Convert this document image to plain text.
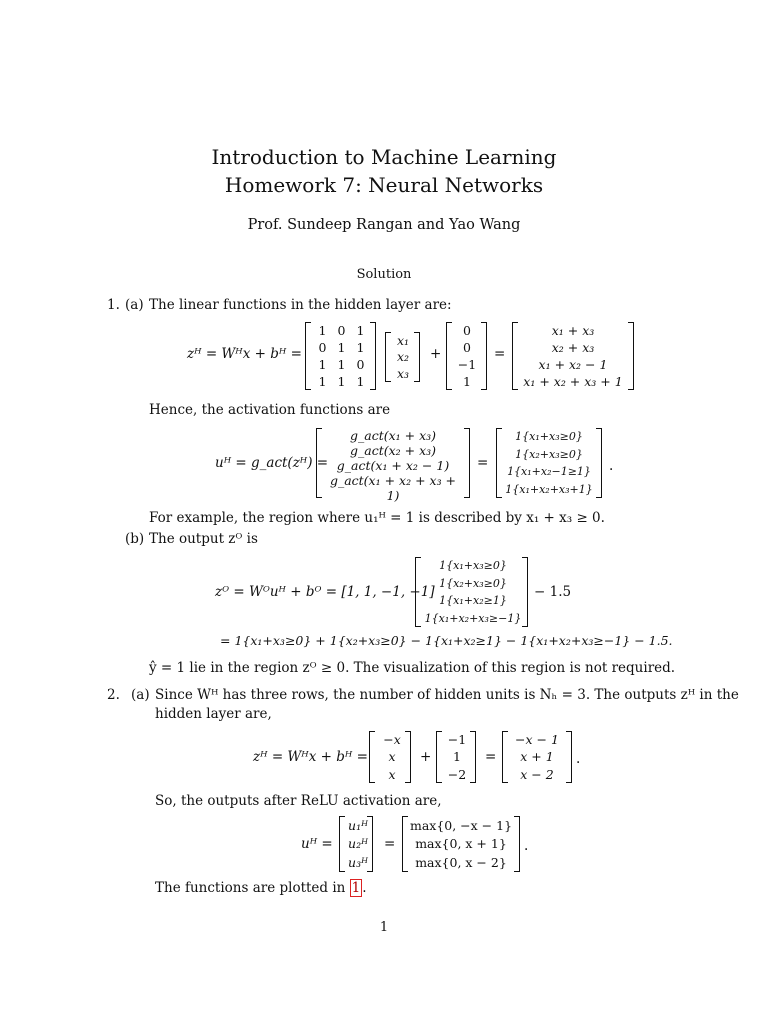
Introduction to Machine Learning
Homework 7: Neural Networks
Prof. Sundeep Rangan and Yao Wang
Solution
1. (a) The linear functions in the hidden layer are:
zᴴ = Wᴴx + bᴴ =
1 0 1
0 1 1
1 1 0
1 1 1
x₁
x₂
x₃
+
0
0
−1
1
=
x₁ + x₃
x₂ + x₃
x₁ + x₂ − 1
x₁ + x₂ + x₃ + 1
Hence, the activation functions are
uᴴ = g_act(zᴴ) =
g_act(x₁ + x₃)
g_act(x₂ + x₃)
g_act(x₁ + x₂ − 1)
g_act(x₁ + x₂ + x₃ + 1)
=
1{x₁+x₃≥0}
1{x₂+x₃≥0}
1{x₁+x₂−1≥1}
1{x₁+x₂+x₃+1}
.
For example, the region where u₁ᴴ = 1 is described by x₁ + x₃ ≥ 0.
(b) The output zᴼ is
zᴼ = Wᴼuᴴ + bᴼ = [1, 1, −1, −1]
1{x₁+x₃≥0}
1{x₂+x₃≥0}
1{x₁+x₂≥1}
1{x₁+x₂+x₃≥−1}
− 1.5
= 1{x₁+x₃≥0} + 1{x₂+x₃≥0} − 1{x₁+x₂≥1} − 1{x₁+x₂+x₃≥−1} − 1.5.
ŷ = 1 lie in the region zᴼ ≥ 0. The visualization of this region is not required.
2. (a) Since Wᴴ has three rows, the number of hidden units is Nₕ = 3. The outputs zᴴ in the
hidden layer are,
zᴴ = Wᴴx + bᴴ =
−x
x
x
+
−1
1
−2
=
−x − 1
x + 1
x − 2
.
So, the outputs after ReLU activation are,
uᴴ =
u₁ᴴ
u₂ᴴ
u₃ᴴ
=
max{0, −x − 1}
max{0, x + 1}
max{0, x − 2}
.
The functions are plotted in 1 .
1
